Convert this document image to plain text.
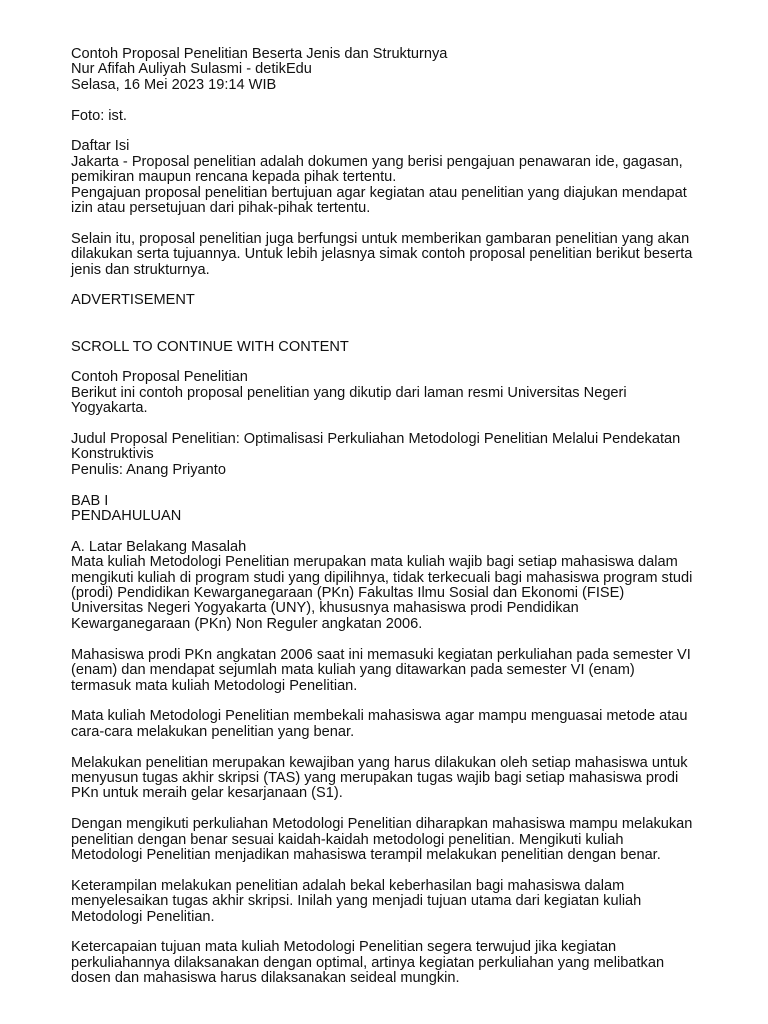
Contoh Proposal Penelitian Beserta Jenis dan Strukturnya
Nur Afifah Auliyah Sulasmi - detikEdu
Selasa, 16 Mei 2023 19:14 WIB
Foto: ist.
Daftar Isi
Jakarta - Proposal penelitian adalah dokumen yang berisi pengajuan penawaran ide, gagasan,
pemikiran maupun rencana kepada pihak tertentu.
Pengajuan proposal penelitian bertujuan agar kegiatan atau penelitian yang diajukan mendapat
izin atau persetujuan dari pihak-pihak tertentu.
Selain itu, proposal penelitian juga berfungsi untuk memberikan gambaran penelitian yang akan
dilakukan serta tujuannya. Untuk lebih jelasnya simak contoh proposal penelitian berikut beserta
jenis dan strukturnya.
ADVERTISEMENT
SCROLL TO CONTINUE WITH CONTENT
Contoh Proposal Penelitian
Berikut ini contoh proposal penelitian yang dikutip dari laman resmi Universitas Negeri
Yogyakarta.
Judul Proposal Penelitian: Optimalisasi Perkuliahan Metodologi Penelitian Melalui Pendekatan
Konstruktivis
Penulis: Anang Priyanto
BAB I
PENDAHULUAN
A. Latar Belakang Masalah
Mata kuliah Metodologi Penelitian merupakan mata kuliah wajib bagi setiap mahasiswa dalam
mengikuti kuliah di program studi yang dipilihnya, tidak terkecuali bagi mahasiswa program studi
(prodi) Pendidikan Kewarganegaraan (PKn) Fakultas Ilmu Sosial dan Ekonomi (FISE)
Universitas Negeri Yogyakarta (UNY), khususnya mahasiswa prodi Pendidikan
Kewarganegaraan (PKn) Non Reguler angkatan 2006.
Mahasiswa prodi PKn angkatan 2006 saat ini memasuki kegiatan perkuliahan pada semester VI
(enam) dan mendapat sejumlah mata kuliah yang ditawarkan pada semester VI (enam)
termasuk mata kuliah Metodologi Penelitian.
Mata kuliah Metodologi Penelitian membekali mahasiswa agar mampu menguasai metode atau
cara-cara melakukan penelitian yang benar.
Melakukan penelitian merupakan kewajiban yang harus dilakukan oleh setiap mahasiswa untuk
menyusun tugas akhir skripsi (TAS) yang merupakan tugas wajib bagi setiap mahasiswa prodi
PKn untuk meraih gelar kesarjanaan (S1).
Dengan mengikuti perkuliahan Metodologi Penelitian diharapkan mahasiswa mampu melakukan
penelitian dengan benar sesuai kaidah-kaidah metodologi penelitian. Mengikuti kuliah
Metodologi Penelitian menjadikan mahasiswa terampil melakukan penelitian dengan benar.
Keterampilan melakukan penelitian adalah bekal keberhasilan bagi mahasiswa dalam
menyelesaikan tugas akhir skripsi. Inilah yang menjadi tujuan utama dari kegiatan kuliah
Metodologi Penelitian.
Ketercapaian tujuan mata kuliah Metodologi Penelitian segera terwujud jika kegiatan
perkuliahannya dilaksanakan dengan optimal, artinya kegiatan perkuliahan yang melibatkan
dosen dan mahasiswa harus dilaksanakan seideal mungkin.
